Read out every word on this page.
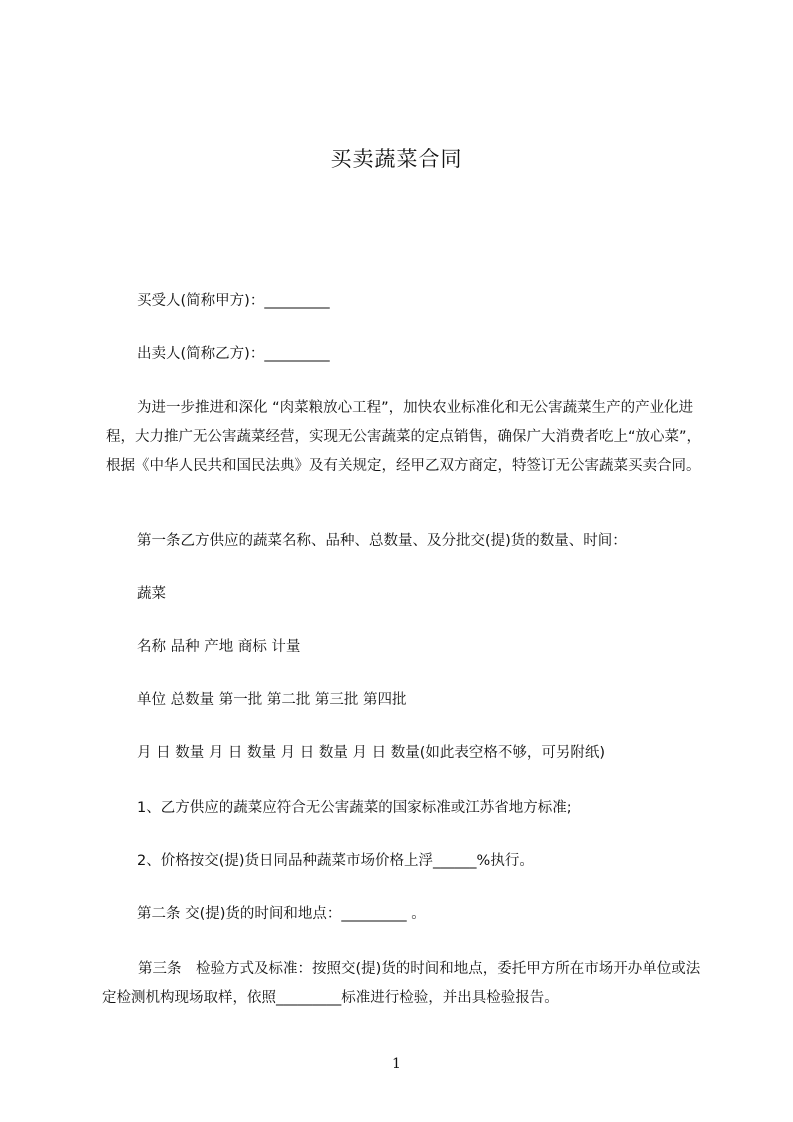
买卖蔬菜合同
买受人(简称甲方)：_________
出卖人(简称乙方)：_________
为进一步推进和深化 “肉菜粮放心工程”，加快农业标准化和无公害蔬菜生产的产业化进程，大力推广无公害蔬菜经营，实现无公害蔬菜的定点销售，确保广大消费者吃上“放心菜”，根据《中华人民共和国民法典》及有关规定，经甲乙双方商定，特签订无公害蔬菜买卖合同。
第一条乙方供应的蔬菜名称、品种、总数量、及分批交(提)货的数量、时间：
蔬菜
名称 品种 产地 商标 计量
单位 总数量 第一批 第二批 第三批 第四批
月 日 数量 月 日 数量 月 日 数量 月 日 数量(如此表空格不够，可另附纸)
1、乙方供应的蔬菜应符合无公害蔬菜的国家标准或江苏省地方标准;
2、价格按交(提)货日同品种蔬菜市场价格上浮______%执行。
第二条 交(提)货的时间和地点：_________ 。
第三条　检验方式及标准：按照交(提)货的时间和地点，委托甲方所在市场开办单位或法定检测机构现场取样，依照_________标准进行检验，并出具检验报告。
1
